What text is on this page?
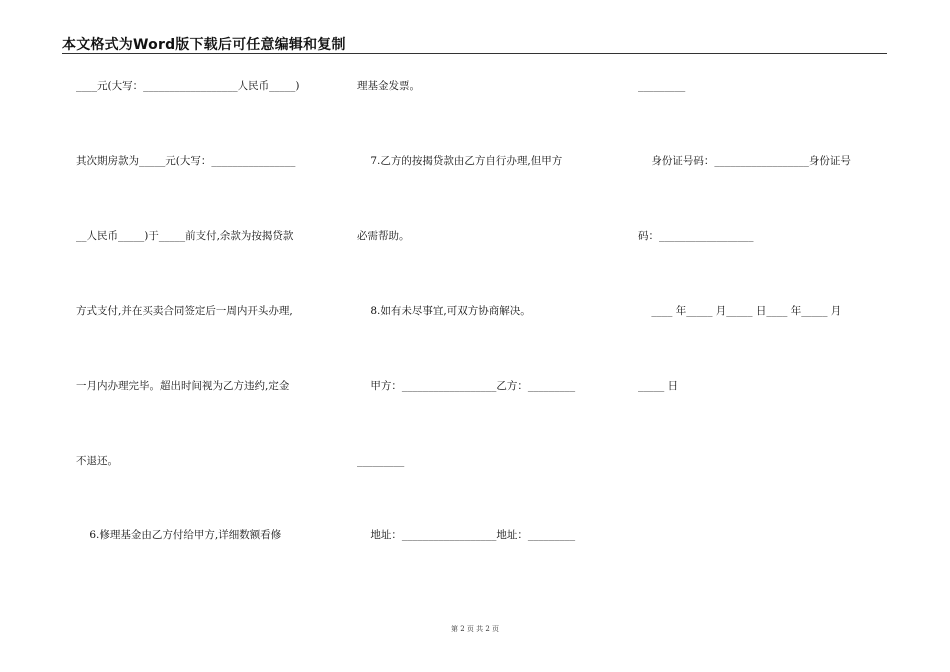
本文格式为Word版下载后可任意编辑和复制
____元(大写：__________________人民币_____)
其次期房款为_____元(大写：________________
__人民币_____)于_____前支付,余款为按揭贷款
方式支付,并在买卖合同签定后一周内开头办理,
一月内办理完毕。超出时间视为乙方违约,定金
不退还。
6.修理基金由乙方付给甲方,详细数额看修
理基金发票。
7.乙方的按揭贷款由乙方自行办理,但甲方
必需帮助。
8.如有未尽事宜,可双方协商解决。
甲方：__________________乙方：_________
_________
地址：__________________地址：_________
_________
身份证号码：__________________身份证号
码：__________________
____ 年_____ 月_____ 日____ 年_____ 月
_____ 日
第 2 页 共 2 页
